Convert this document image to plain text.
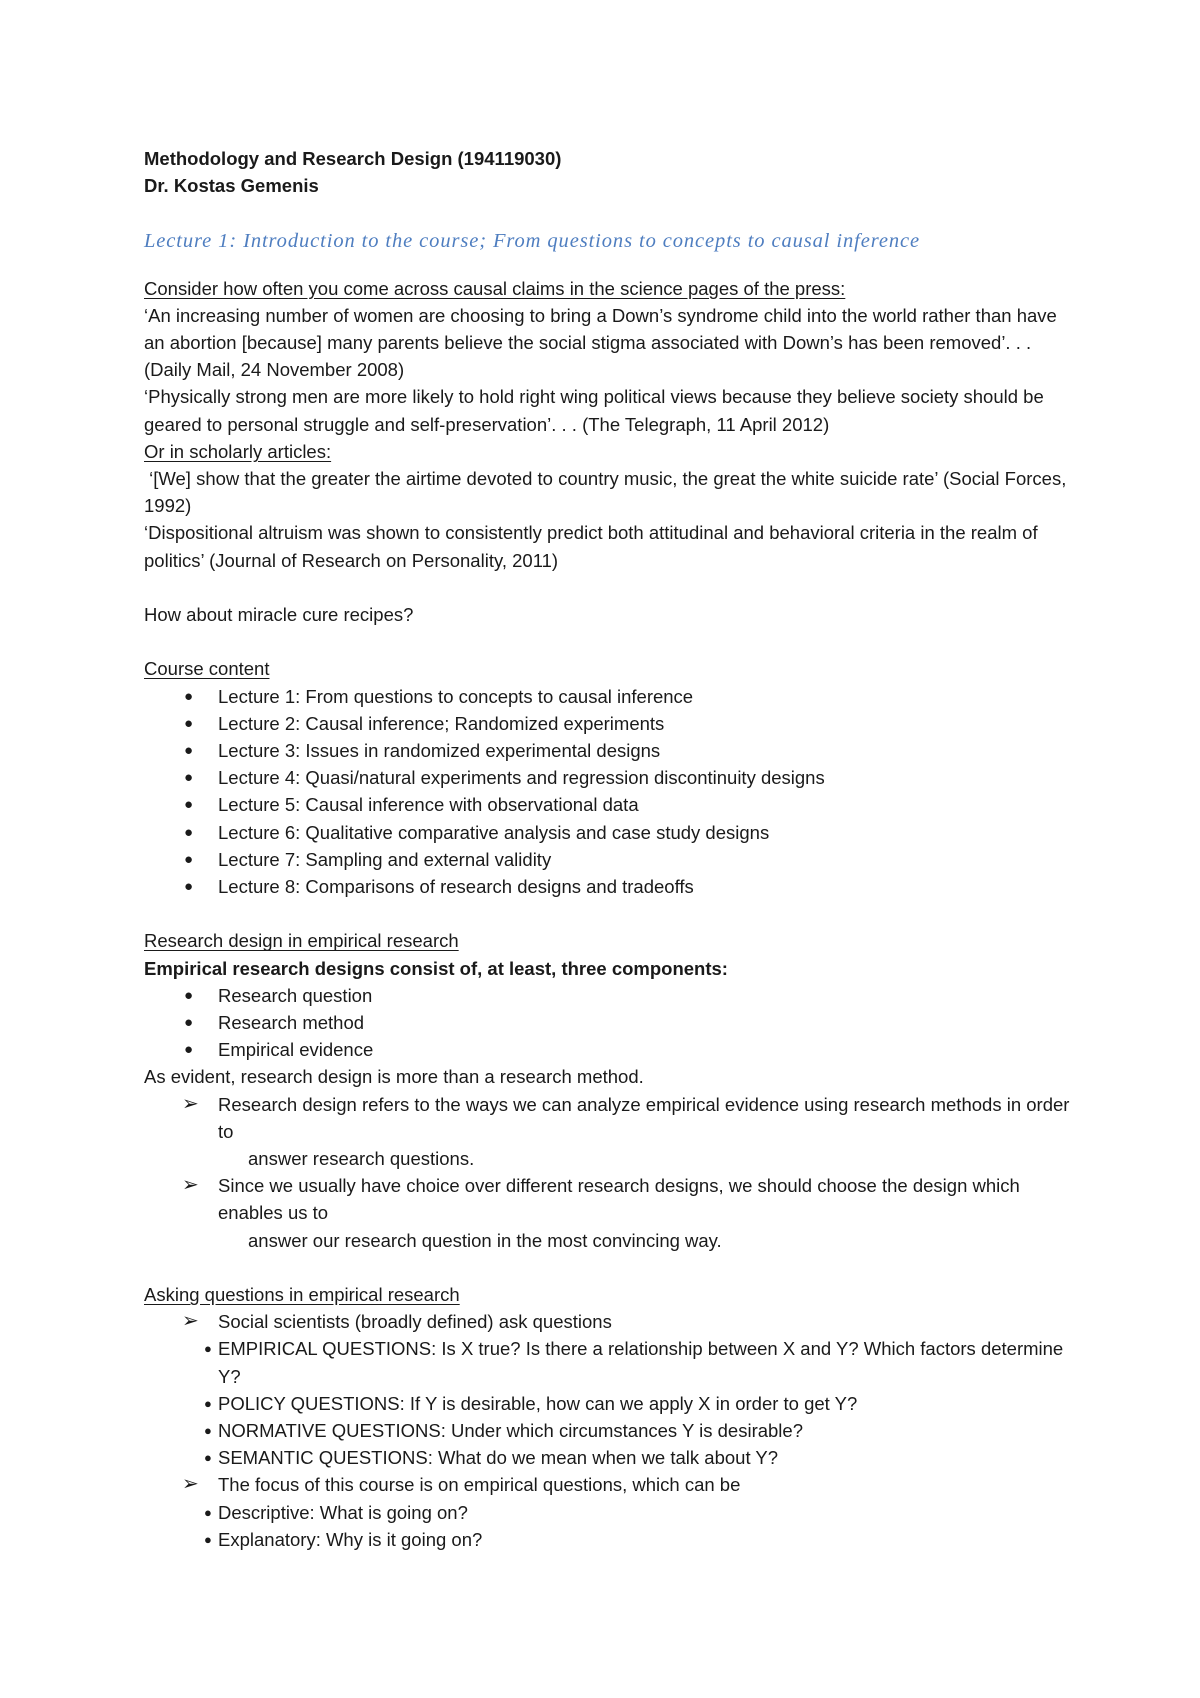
Methodology and Research Design (194119030)

Dr. Kostas Gemenis

Lecture 1: Introduction to the course; From questions to concepts to causal inference

Consider how often you come across causal claims in the science pages of the press:

‘An increasing number of women are choosing to bring a Down’s syndrome child into the world rather than have an abortion [because] many parents believe the social stigma associated with Down’s has been removed’. . . (Daily Mail, 24 November 2008)

‘Physically strong men are more likely to hold right wing political views because they believe society should be geared to personal struggle and self-preservation’. . . (The Telegraph, 11 April 2012)

Or in scholarly articles:

‘[We] show that the greater the airtime devoted to country music, the great the white suicide rate’ (Social Forces, 1992)

‘Dispositional altruism was shown to consistently predict both attitudinal and behavioral criteria in the realm of politics’ (Journal of Research on Personality, 2011)

How about miracle cure recipes?

Course content

● Lecture 1: From questions to concepts to causal inference
● Lecture 2: Causal inference; Randomized experiments
● Lecture 3: Issues in randomized experimental designs
● Lecture 4: Quasi/natural experiments and regression discontinuity designs
● Lecture 5: Causal inference with observational data
● Lecture 6: Qualitative comparative analysis and case study designs
● Lecture 7: Sampling and external validity
● Lecture 8: Comparisons of research designs and tradeoffs

Research design in empirical research

Empirical research designs consist of, at least, three components:

● Research question
● Research method
● Empirical evidence

As evident, research design is more than a research method.

➢ Research design refers to the ways we can analyze empirical evidence using research methods in order to
answer research questions.
➢ Since we usually have choice over different research designs, we should choose the design which enables us to
answer our research question in the most convincing way.

Asking questions in empirical research

➢ Social scientists (broadly defined) ask questions
● EMPIRICAL QUESTIONS: Is X true? Is there a relationship between X and Y? Which factors determine Y?
● POLICY QUESTIONS: If Y is desirable, how can we apply X in order to get Y?
● NORMATIVE QUESTIONS: Under which circumstances Y is desirable?
● SEMANTIC QUESTIONS: What do we mean when we talk about Y?
➢ The focus of this course is on empirical questions, which can be
● Descriptive: What is going on?
● Explanatory: Why is it going on?
